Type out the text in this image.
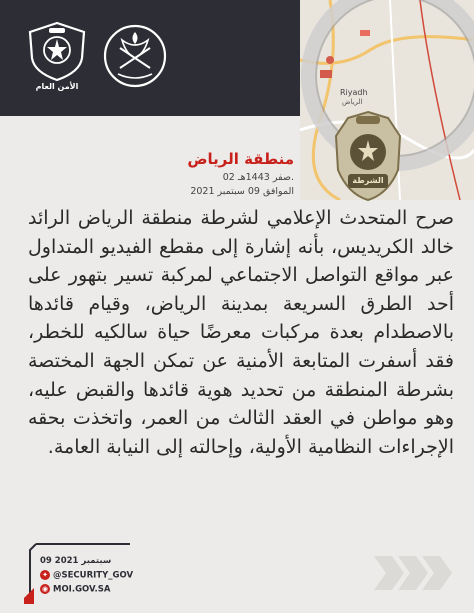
الأمن العام
Riyadh
الرياض
الشرطة
منطقة الرياض
02 صفر 1443هـ.
الموافق 09 سبتمبر 2021
صرح المتحدث الإعلامي لشرطة منطقة الرياض الرائد خالد الكريديس، بأنه إشارة إلى مقطع الفيديو المتداول عبر مواقع التواصل الاجتماعي لمركبة تسير بتهور على أحد الطرق السريعة بمدينة الرياض، وقيام قائدها بالاصطدام بعدة مركبات معرضًا حياة سالكيه للخطر، فقد أسفرت المتابعة الأمنية عن تمكن الجهة المختصة بشرطة المنطقة من تحديد هوية قائدها والقبض عليه، وهو مواطن في العقد الثالث من العمر، واتخذت بحقه الإجراءات النظامية الأولية، وإحالته إلى النيابة العامة.
09 سبتمبر 2021
✦ @SECURITY_GOV
◉ MOI.GOV.SA
